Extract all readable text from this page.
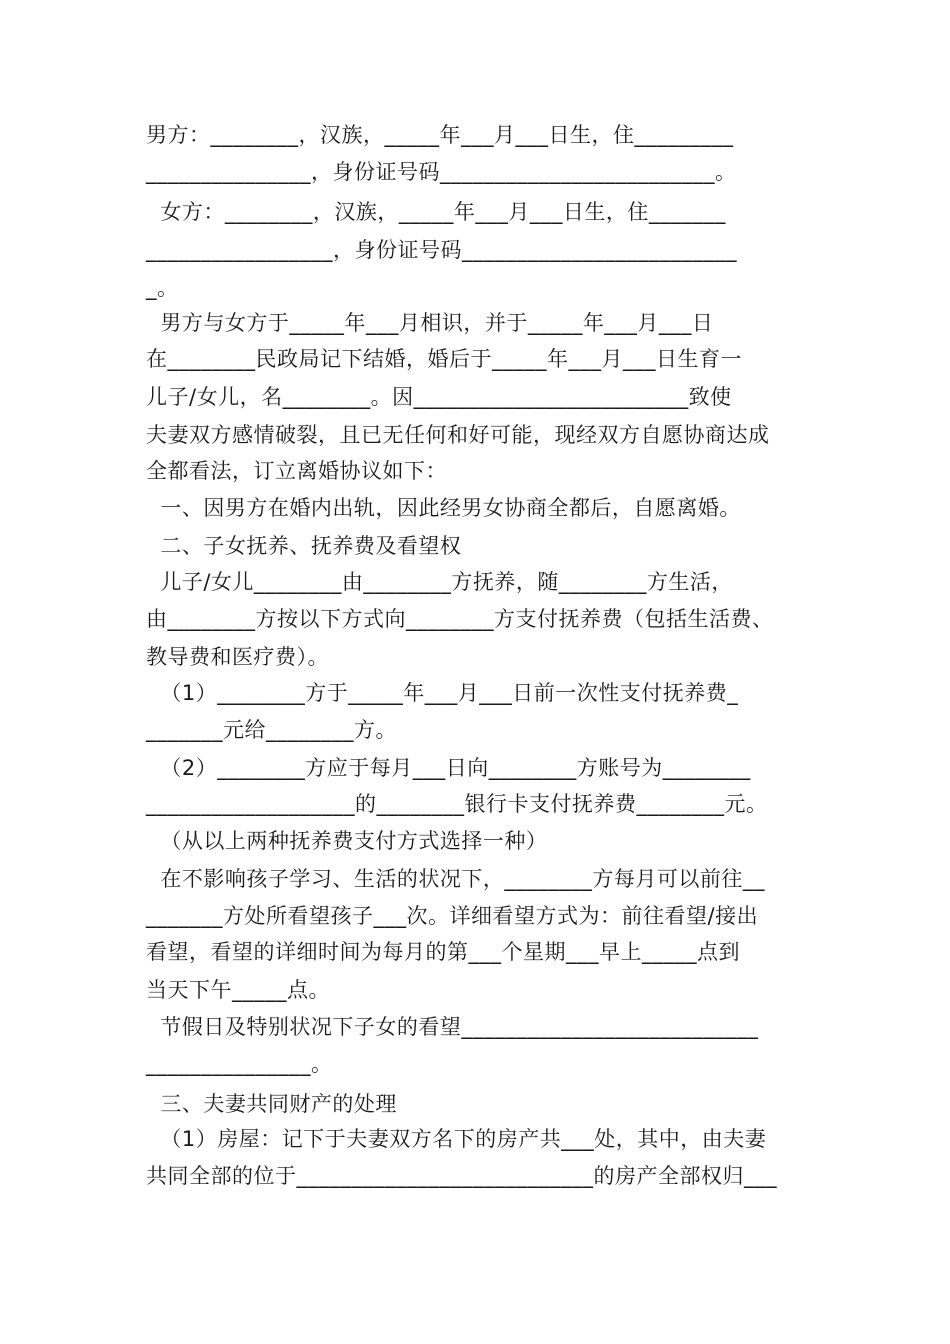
男方：________，汉族，_____年___月___日生，住_________
_______________，身份证号码_________________________。
女方：________，汉族，_____年___月___日生，住_______
_________________，身份证号码_________________________
_。
男方与女方于_____年___月相识，并于_____年___月___日
在________民政局记下结婚，婚后于_____年___月___日生育一
儿子/女儿，名________。因_________________________致使
夫妻双方感情破裂，且已无任何和好可能，现经双方自愿协商达成
全都看法，订立离婚协议如下：
一、因男方在婚内出轨，因此经男女协商全都后，自愿离婚。
二、子女抚养、抚养费及看望权
儿子/女儿________由________方抚养，随________方生活，
由________方按以下方式向________方支付抚养费（包括生活费、
教导费和医疗费）。
（1）________方于_____年___月___日前一次性支付抚养费_
_______元给________方。
（2）________方应于每月___日向________方账号为________
___________________的________银行卡支付抚养费________元。
（从以上两种抚养费支付方式选择一种）
在不影响孩子学习、生活的状况下，________方每月可以前往__
_______方处所看望孩子___次。详细看望方式为：前往看望/接出
看望，看望的详细时间为每月的第___个星期___早上_____点到
当天下午_____点。
节假日及特别状况下子女的看望___________________________
_______________。
三、夫妻共同财产的处理
（1）房屋：记下于夫妻双方名下的房产共___处，其中，由夫妻
共同全部的位于___________________________的房产全部权归___
